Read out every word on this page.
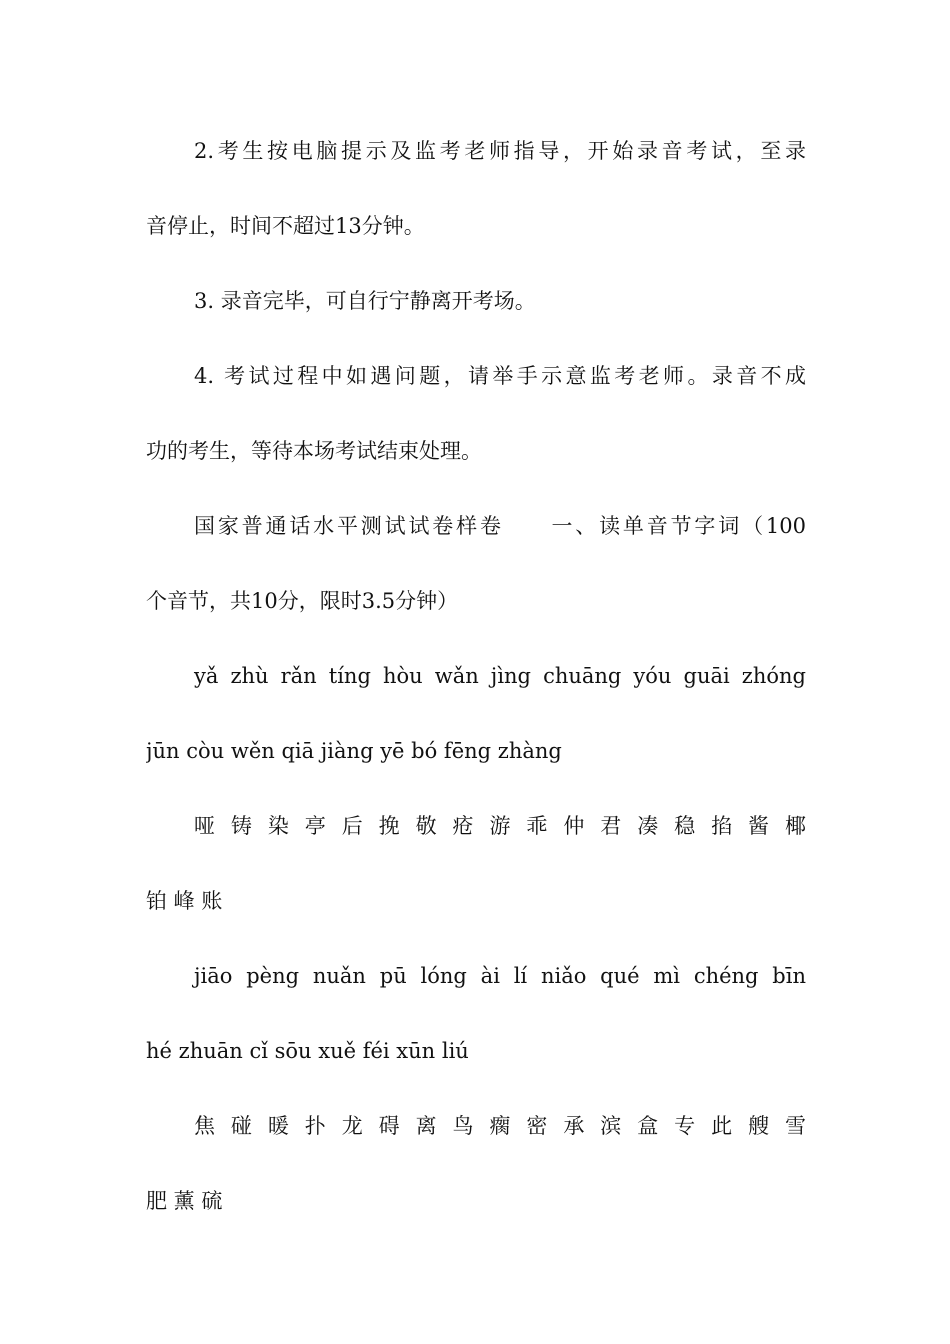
2.考生按电脑提示及监考老师指导，开始录音考试，至录
音停止，时间不超过13分钟。
3. 录音完毕，可自行宁静离开考场。
4. 考试过程中如遇问题，请举手示意监考老师。录音不成
功的考生，等待本场考试结束处理。
国家普通话水平测试试卷样卷　　一、读单音节字词（100
个音节，共10分，限时3.5分钟）
yǎ zhù rǎn tíng hòu wǎn jìng chuāng yóu guāi zhóng
jūn còu wěn qiā jiàng yē bó fēng zhàng
哑 铸 染 亭 后 挽 敬 疮 游 乖 仲 君 凑 稳 掐 酱 椰
铂 峰 账
jiāo pèng nuǎn pū lóng ài lí niǎo qué mì chéng bīn
hé zhuān cǐ sōu xuě féi xūn liú
焦 碰 暖 扑 龙 碍 离 鸟 瘸 密 承 滨 盒 专 此 艘 雪
肥 薰 硫
